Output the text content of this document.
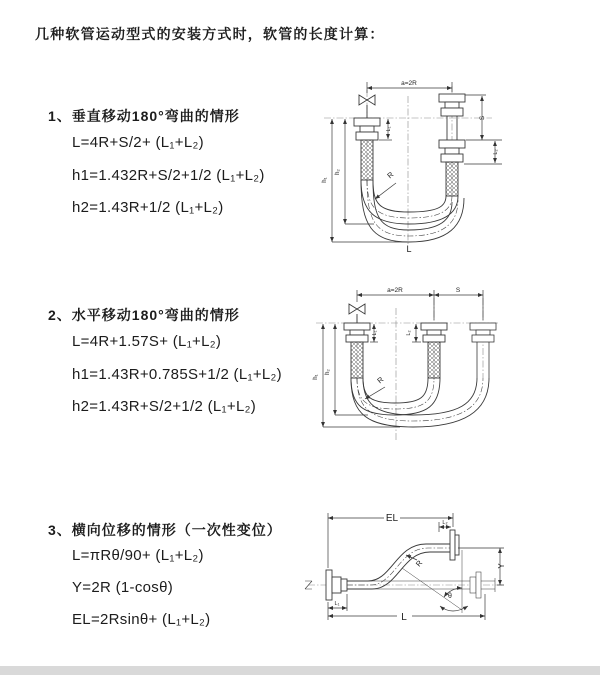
几种软管运动型式的安装方式时，软管的长度计算：
1、垂直移动180°弯曲的情形
L=4R+S/2+ (L₁+L₂)
h1=1.432R+S/2+1/2 (L₁+L₂)
h2=1.43R+1/2 (L₁+L₂)
2、水平移动180°弯曲的情形
L=4R+1.57S+ (L₁+L₂)
h1=1.43R+0.785S+1/2 (L₁+L₂)
h2=1.43R+S/2+1/2 (L₁+L₂)
3、横向位移的情形（一次性变位）
L=πRθ/90+ (L₁+L₂)
Y=2R (1-cosθ)
EL=2Rsinθ+ (L₁+L₂)
a=2R
S
L₂
L₁
h₁
h₂	R
L
a=2R	S
L₁	L₂
h₁
h₂
R
EL	L₂
Y
R
θ
L
L₁
